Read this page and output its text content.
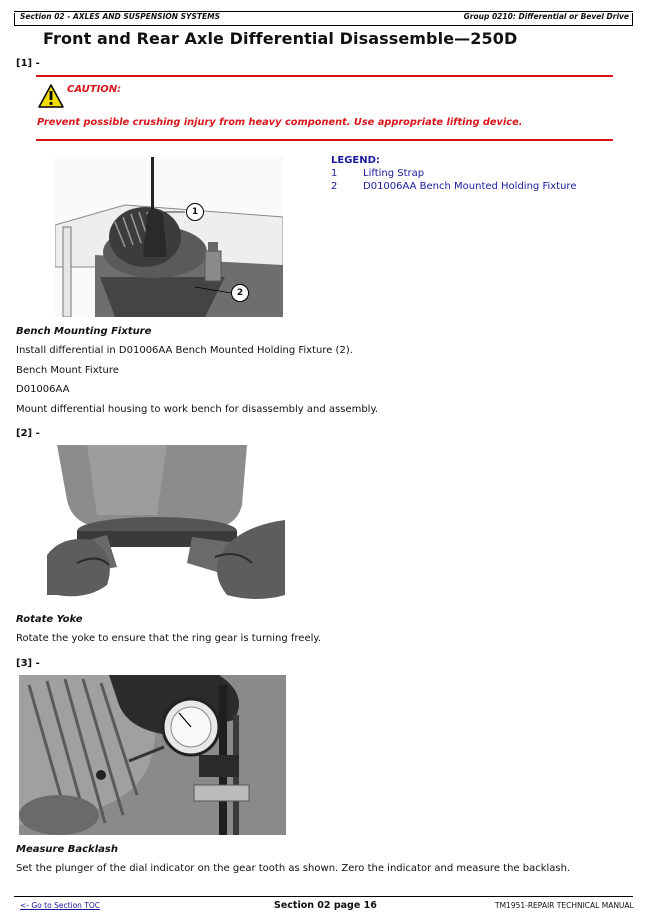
Section 02 - AXLES AND SUSPENSION SYSTEMS	Group 0210: Differential or Bevel Drive
Front and Rear Axle Differential Disassemble—250D
[1] -
CAUTION:
Prevent possible crushing injury from heavy component. Use appropriate lifting device.
1
2
LEGEND:
1	Lifting Strap
2	D01006AA Bench Mounted Holding Fixture
Bench Mounting Fixture
Install differential in D01006AA Bench Mounted Holding Fixture (2).
Bench Mount Fixture
D01006AA
Mount differential housing to work bench for disassembly and assembly.
[2] -
Rotate Yoke
Rotate the yoke to ensure that the ring gear is turning freely.
[3] -
Measure Backlash
Set the plunger of the dial indicator on the gear tooth as shown. Zero the indicator and measure the backlash.
<- Go to Section TOC	Section 02 page 16	TM1951-REPAIR TECHNICAL MANUAL
